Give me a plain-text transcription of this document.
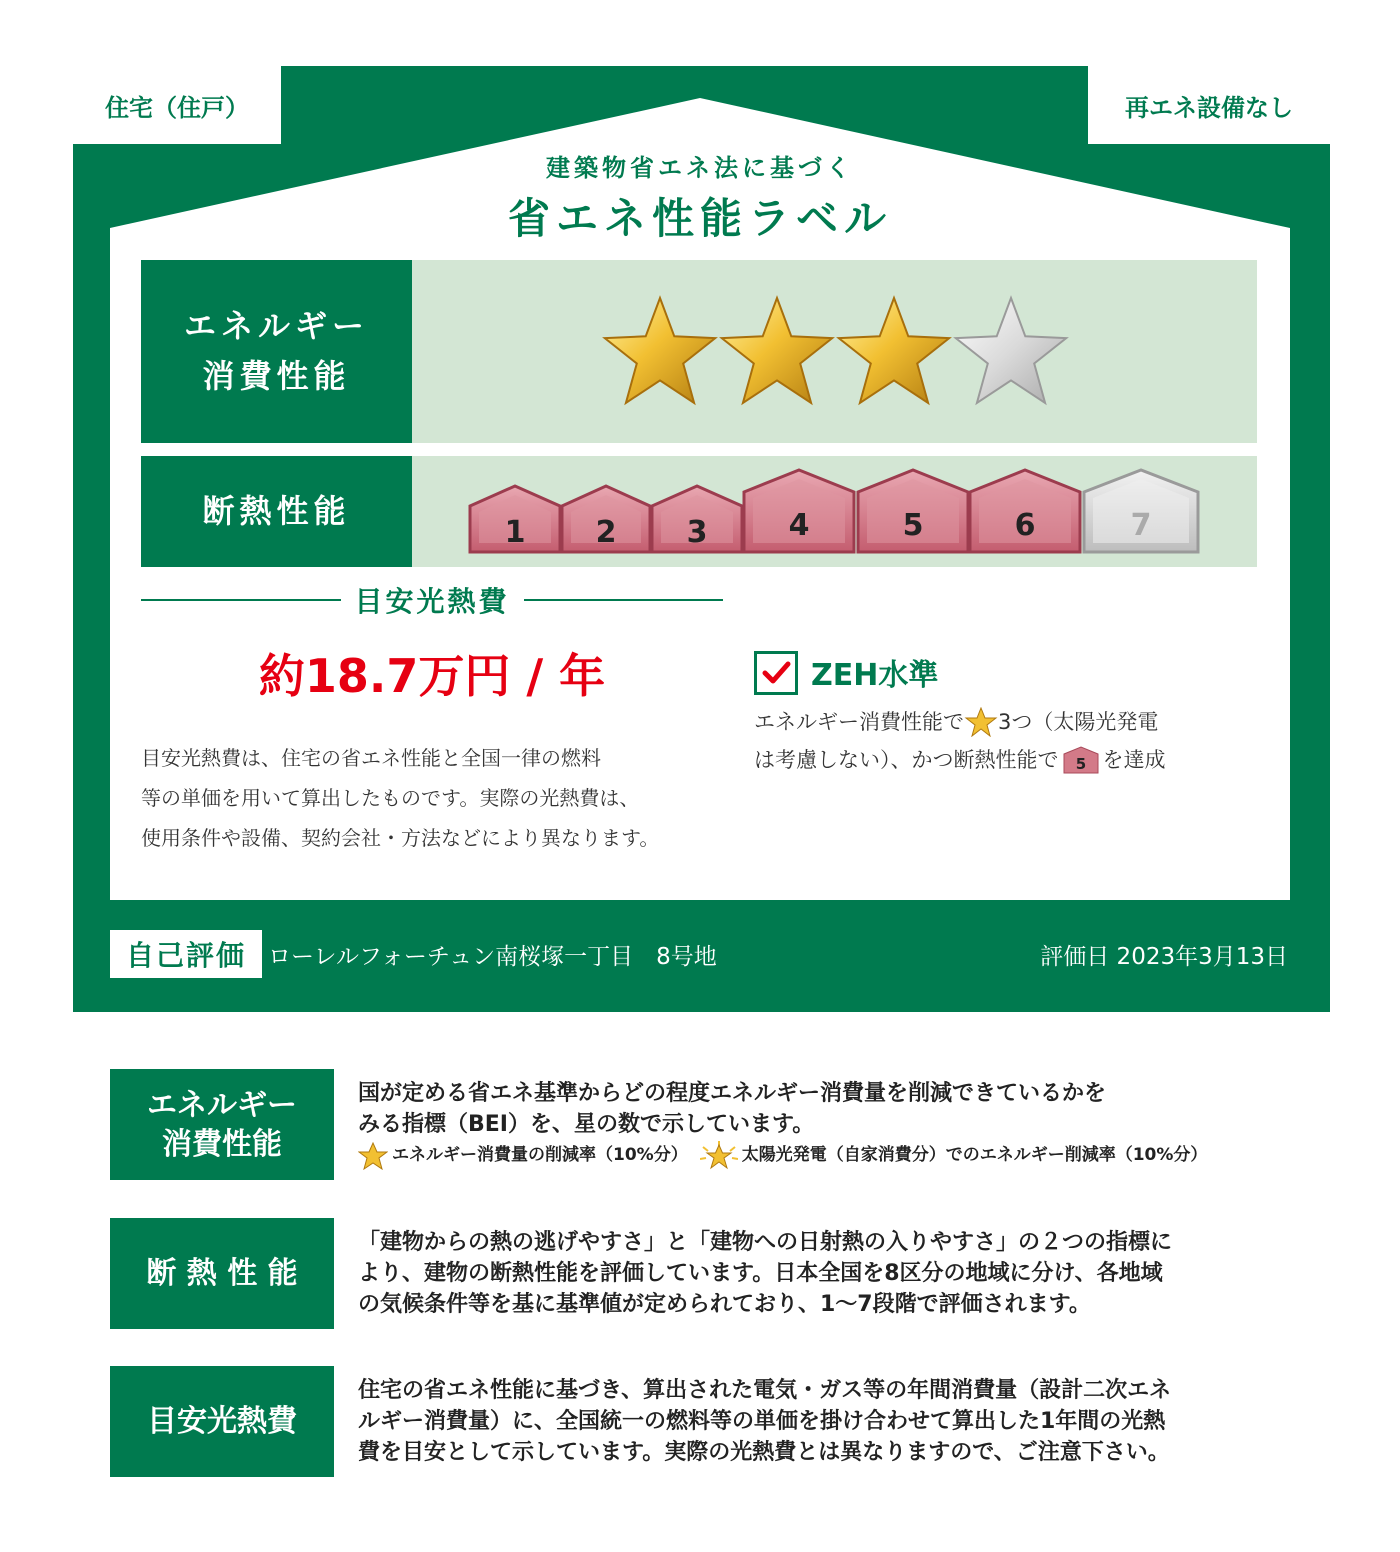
住宅（住戸）	再エネ設備なし
建築物省エネ法に基づく
省エネ性能ラベル
エネルギー
消費性能
断熱性能
1 2 3	4	5	6	7
目安光熱費
約18.7万円 / 年
目安光熱費は、住宅の省エネ性能と全国一律の燃料
等の単価を用いて算出したものです。実際の光熱費は、
使用条件や設備、契約会社・方法などにより異なります。
ZEH水準
エネルギー消費性能で 3つ（太陽光発電
は考慮しない）、かつ断熱性能で 5 を達成
自己評価 ローレルフォーチュン南桜塚一丁目　8号地	評価日 2023年3月13日
エネルギー
消費性能
国が定める省エネ基準からどの程度エネルギー消費量を削減できているかを
みる指標（BEI）を、星の数で示しています。
エネルギー消費量の削減率（10%分）	太陽光発電（自家消費分）でのエネルギー削減率（10%分）
断 熱 性 能
「建物からの熱の逃げやすさ」と「建物への日射熱の入りやすさ」の２つの指標に
より、建物の断熱性能を評価しています。日本全国を8区分の地域に分け、各地域
の気候条件等を基に基準値が定められており、1〜7段階で評価されます。
目安光熱費
住宅の省エネ性能に基づき、算出された電気・ガス等の年間消費量（設計二次エネ
ルギー消費量）に、全国統一の燃料等の単価を掛け合わせて算出した1年間の光熱
費を目安として示しています。実際の光熱費とは異なりますので、ご注意下さい。
